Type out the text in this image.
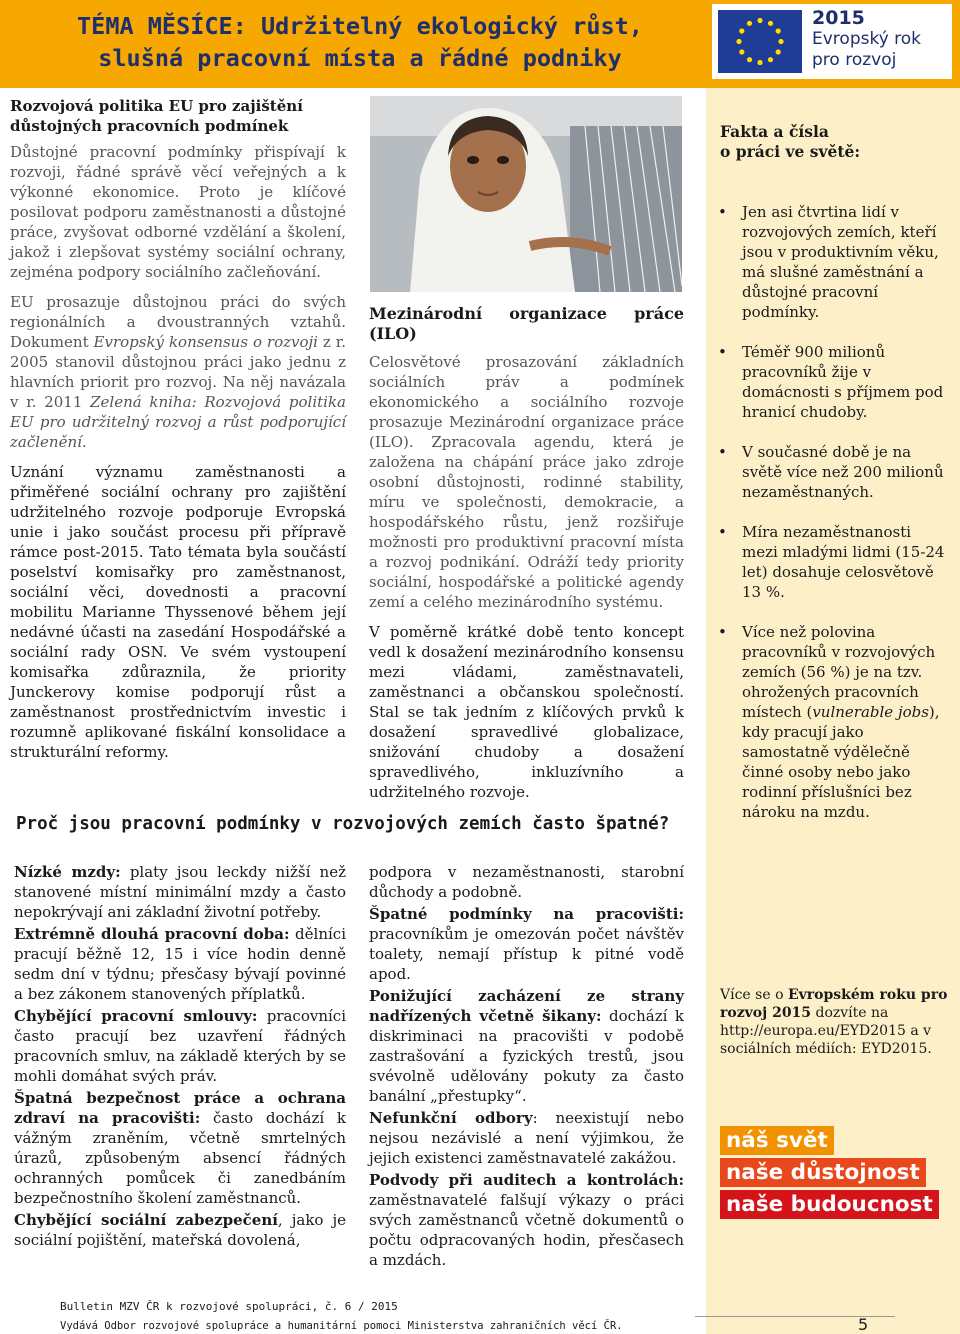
TÉMA MĚSÍCE: Udržitelný ekologický růst,
slušná pracovní místa a řádné podniky
2015
Evropský rok
pro rozvoj
Rozvojová politika EU pro zajištění důstojných pracovních podmínek

Důstojné pracovní podmínky přispívají k rozvoji, řádné správě věcí veřejných a k výkonné ekonomice. Proto je klíčové posilovat podporu zaměstnanosti a důstojné práce, zvyšovat odborné vzdělání a školení, jakož i zlepšovat systémy sociální ochrany, zejména podpory sociálního začleňování.

EU prosazuje důstojnou práci do svých regionálních a dvoustranných vztahů. Dokument Evropský konsensus o rozvoji z r. 2005 stanovil důstojnou práci jako jednu z hlavních priorit pro rozvoj. Na něj navázala v r. 2011 Zelená kniha: Rozvojová politika EU pro udržitelný rozvoj a růst podporující začlenění.

Uznání významu zaměstnanosti a přiměřené sociální ochrany pro zajištění udržitelného rozvoje podporuje Evropská unie i jako součást procesu při přípravě rámce post-2015. Tato témata byla součástí poselství komisařky pro zaměstnanost, sociální věci, dovednosti a pracovní mobilitu Marianne Thyssenové během její nedávné účasti na zasedání Hospodářské a sociální rady OSN. Ve svém vystoupení komisařka zdůraznila, že priority Junckerovy komise podporují růst a zaměstnanost prostřednictvím investic i rozumně aplikované fiskální konsolidace a strukturální reformy.

Mezinárodní organizace práce (ILO)

Celosvětové prosazování základních sociálních práv a podmínek ekonomického a sociálního rozvoje prosazuje Mezinárodní organizace práce (ILO). Zpracovala agendu, která je založena na chápání práce jako zdroje osobní důstojnosti, rodinné stability, míru ve společnosti, demokracie, a hospodářského růstu, jenž rozšiřuje možnosti pro produktivní pracovní místa a rozvoj podnikání. Odráží tedy priority sociální, hospodářské a politické agendy zemí a celého mezinárodního systému.

V poměrně krátké době tento koncept vedl k dosažení mezinárodního konsensu mezi vládami, zaměstnavateli, zaměstnanci a občanskou společností. Stal se tak jedním z klíčových prvků k dosažení spravedlivé globalizace, snižování chudoby a dosažení spravedlivého, inkluzívního a udržitelného rozvoje.

Proč jsou pracovní podmínky v rozvojových zemích často špatné?

Nízké mzdy: platy jsou leckdy nižší než stanovené místní minimální mzdy a často nepokrývají ani základní životní potřeby.

Extrémně dlouhá pracovní doba: dělníci pracují běžně 12, 15 i více hodin denně sedm dní v týdnu; přesčasy bývají povinné a bez zákonem stanovených příplatků.

Chybějící pracovní smlouvy: pracovníci často pracují bez uzavření řádných pracovních smluv, na základě kterých by se mohli domáhat svých práv.

Špatná bezpečnost práce a ochrana zdraví na pracovišti: často dochází k vážným zraněním, včetně smrtelných úrazů, způsobeným absencí řádných ochranných pomůcek či zanedbáním bezpečnostního školení zaměstnanců.

Chybějící sociální zabezpečení, jako je sociální pojištění, mateřská dovolená,

podpora v nezaměstnanosti, starobní důchody a podobně.

Špatné podmínky na pracovišti: pracovníkům je omezován počet návštěv toalety, nemají přístup k pitné vodě apod.

Ponižující zacházení ze strany nadřízených včetně šikany: dochází k diskriminaci na pracovišti v podobě zastrašování a fyzických trestů, jsou svévolně udělovány pokuty za často banální „přestupky“.

Nefunkční odbory: neexistují nebo nejsou nezávislé a není výjimkou, že jejich existenci zaměstnavatelé zakážou.

Podvody při auditech a kontrolách: zaměstnavatelé falšují výkazy o práci svých zaměstnanců včetně dokumentů o počtu odpracovaných hodin, přesčasech a mzdách.

Fakta a čísla
o práci ve světě:
• Jen asi čtvrtina lidí v rozvojových zemích, kteří jsou v produktivním věku, má slušné zaměstnání a důstojné pracovní podmínky.
• Téměř 900 milionů pracovníků žije v domácnosti s příjmem pod hranicí chudoby.
• V současné době je na světě více než 200 milionů nezaměstnaných.
• Míra nezaměstnanosti mezi mladými lidmi (15-24 let) dosahuje celosvětově 13 %.
• Více než polovina pracovníků v rozvojových zemích (56 %) je na tzv. ohrožených pracovních místech (vulnerable jobs), kdy pracují jako samostatně výdělečně činné osoby nebo jako rodinní příslušníci bez nároku na mzdu.
Více se o Evropském roku pro rozvoj 2015 dozvíte na http://europa.eu/EYD2015 a v sociálních médiích: EYD2015.
náš svět
naše důstojnost
naše budoucnost
Bulletin MZV ČR k rozvojové spolupráci, č. 6 / 2015
Vydává Odbor rozvojové spolupráce a humanitární pomoci Ministerstva zahraničních věcí ČR.	5
